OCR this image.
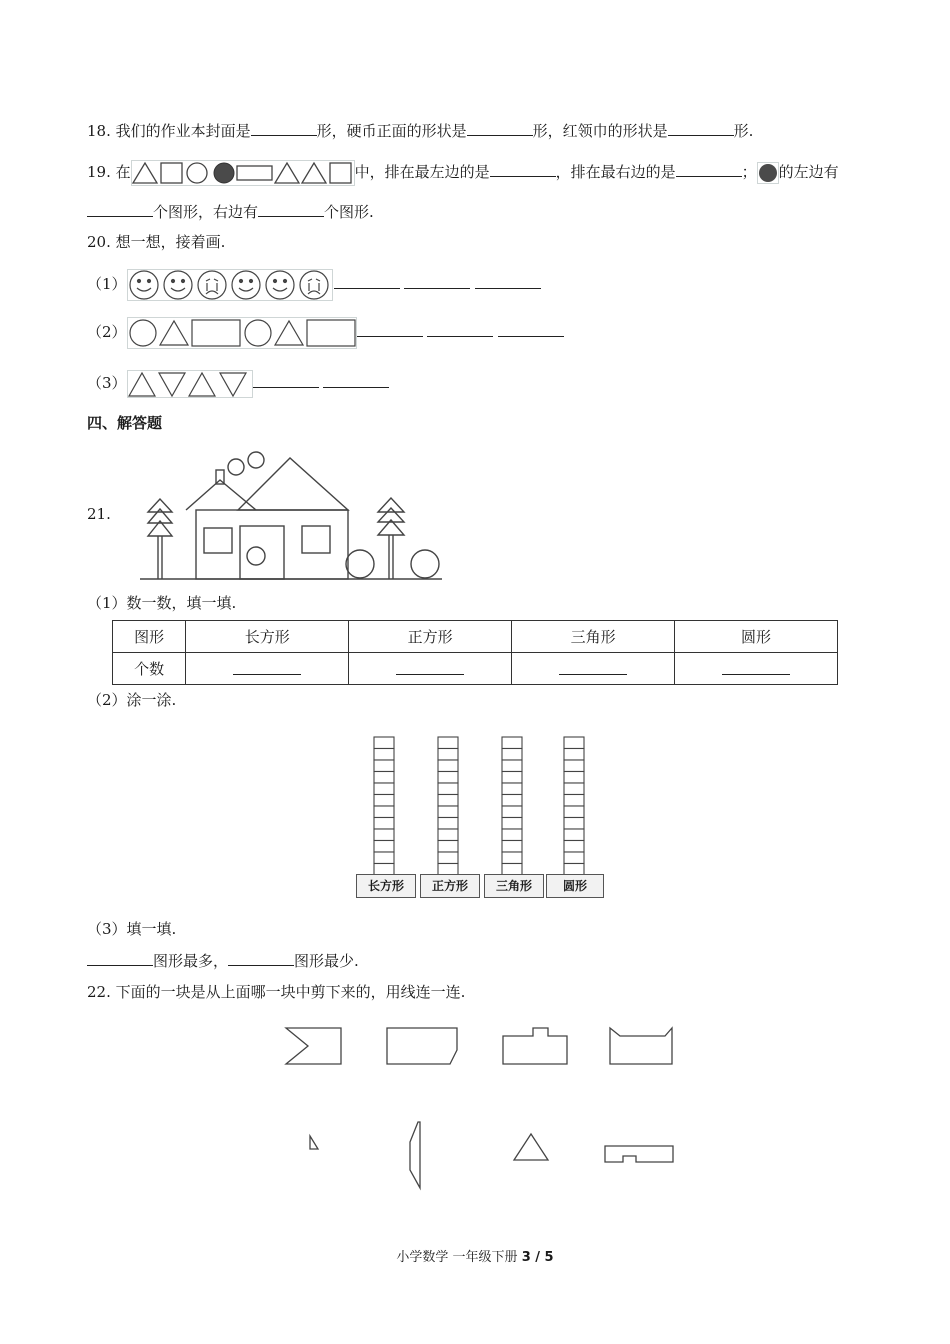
18. 我们的作业本封面是	形，硬币正面的形状是	形，红领巾的形状是	形.
19. 在	中，排在最左边的是	，排在最右边的是	； 的左边有
个图形，右边有	个图形.
20. 想一想，接着画.
（1）

（2）

（3）

四、解答题
21.
（1）数一数，填一填.
图形	长方形	正方形	三角形	圆形
个数				
（2）涂一涂.
长方形	正方形	三角形	圆形
（3）填一填.
图形最多，	图形最少.
22. 下面的一块是从上面哪一块中剪下来的，用线连一连.
小学数学 一年级下册 3 / 5
